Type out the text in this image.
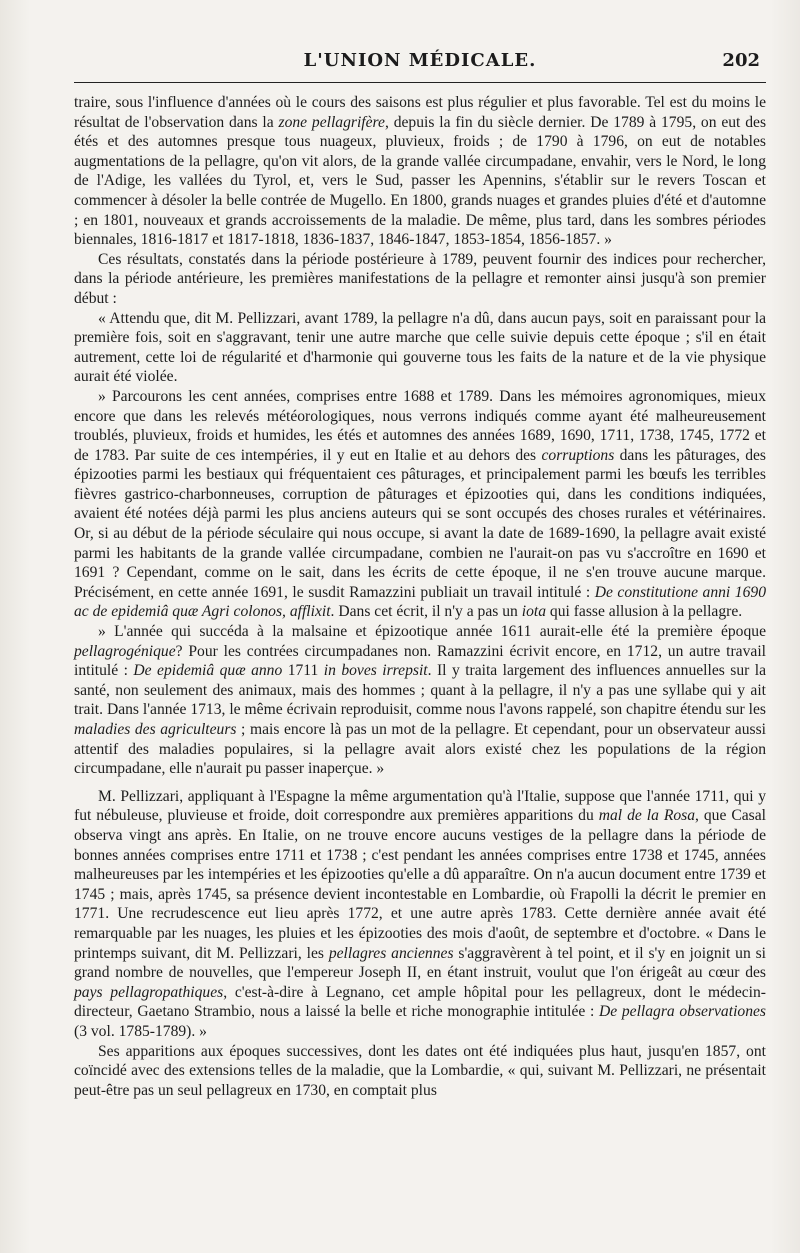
L'UNION MÉDICALE.	202

traire, sous l'influence d'années où le cours des saisons est plus régulier et plus favorable. Tel est du moins le résultat de l'observation dans la zone pellagrifère, depuis la fin du siècle dernier. De 1789 à 1795, on eut des étés et des automnes presque tous nuageux, pluvieux, froids ; de 1790 à 1796, on eut de notables augmentations de la pellagre, qu'on vit alors, de la grande vallée circumpadane, envahir, vers le Nord, le long de l'Adige, les vallées du Tyrol, et, vers le Sud, passer les Apennins, s'établir sur le revers Toscan et commencer à désoler la belle contrée de Mugello. En 1800, grands nuages et grandes pluies d'été et d'automne ; en 1801, nouveaux et grands accroissements de la maladie. De même, plus tard, dans les sombres périodes biennales, 1816-1817 et 1817-1818, 1836-1837, 1846-1847, 1853-1854, 1856-1857. »

Ces résultats, constatés dans la période postérieure à 1789, peuvent fournir des indices pour rechercher, dans la période antérieure, les premières manifestations de la pellagre et remonter ainsi jusqu'à son premier début :

« Attendu que, dit M. Pellizzari, avant 1789, la pellagre n'a dû, dans aucun pays, soit en paraissant pour la première fois, soit en s'aggravant, tenir une autre marche que celle suivie depuis cette époque ; s'il en était autrement, cette loi de régularité et d'harmonie qui gouverne tous les faits de la nature et de la vie physique aurait été violée.

» Parcourons les cent années, comprises entre 1688 et 1789. Dans les mémoires agronomiques, mieux encore que dans les relevés météorologiques, nous verrons indiqués comme ayant été malheureusement troublés, pluvieux, froids et humides, les étés et automnes des années 1689, 1690, 1711, 1738, 1745, 1772 et de 1783. Par suite de ces intempéries, il y eut en Italie et au dehors des corruptions dans les pâturages, des épizooties parmi les bestiaux qui fréquentaient ces pâturages, et principalement parmi les bœufs les terribles fièvres gastrico-charbonneuses, corruption de pâturages et épizooties qui, dans les conditions indiquées, avaient été notées déjà parmi les plus anciens auteurs qui se sont occupés des choses rurales et vétérinaires. Or, si au début de la période séculaire qui nous occupe, si avant la date de 1689-1690, la pellagre avait existé parmi les habitants de la grande vallée circumpadane, combien ne l'aurait-on pas vu s'accroître en 1690 et 1691 ? Cependant, comme on le sait, dans les écrits de cette époque, il ne s'en trouve aucune marque. Précisément, en cette année 1691, le susdit Ramazzini publiait un travail intitulé : De constitutione anni 1690 ac de epidemiâ quæ Agri colonos, afflixit. Dans cet écrit, il n'y a pas un iota qui fasse allusion à la pellagre.

» L'année qui succéda à la malsaine et épizootique année 1611 aurait-elle été la première époque pellagrogénique? Pour les contrées circumpadanes non. Ramazzini écrivit encore, en 1712, un autre travail intitulé : De epidemiâ quæ anno 1711 in boves irrepsit. Il y traita largement des influences annuelles sur la santé, non seulement des animaux, mais des hommes ; quant à la pellagre, il n'y a pas une syllabe qui y ait trait. Dans l'année 1713, le même écrivain reproduisit, comme nous l'avons rappelé, son chapitre étendu sur les maladies des agriculteurs ; mais encore là pas un mot de la pellagre. Et cependant, pour un observateur aussi attentif des maladies populaires, si la pellagre avait alors existé chez les populations de la région circumpadane, elle n'aurait pu passer inaperçue. »

M. Pellizzari, appliquant à l'Espagne la même argumentation qu'à l'Italie, suppose que l'année 1711, qui y fut nébuleuse, pluvieuse et froide, doit correspondre aux premières apparitions du mal de la Rosa, que Casal observa vingt ans après. En Italie, on ne trouve encore aucuns vestiges de la pellagre dans la période de bonnes années comprises entre 1711 et 1738 ; c'est pendant les années comprises entre 1738 et 1745, années malheureuses par les intempéries et les épizooties qu'elle a dû apparaître. On n'a aucun document entre 1739 et 1745 ; mais, après 1745, sa présence devient incontestable en Lombardie, où Frapolli la décrit le premier en 1771. Une recrudescence eut lieu après 1772, et une autre après 1783. Cette dernière année avait été remarquable par les nuages, les pluies et les épizooties des mois d'août, de septembre et d'octobre. « Dans le printemps suivant, dit M. Pellizzari, les pellagres anciennes s'aggravèrent à tel point, et il s'y en joignit un si grand nombre de nouvelles, que l'empereur Joseph II, en étant instruit, voulut que l'on érigeât au cœur des pays pellagropathiques, c'est-à-dire à Legnano, cet ample hôpital pour les pellagreux, dont le médecin-directeur, Gaetano Strambio, nous a laissé la belle et riche monographie intitulée : De pellagra observationes (3 vol. 1785-1789). »

Ses apparitions aux époques successives, dont les dates ont été indiquées plus haut, jusqu'en 1857, ont coïncidé avec des extensions telles de la maladie, que la Lombardie, « qui, suivant M. Pellizzari, ne présentait peut-être pas un seul pellagreux en 1730, en comptait plus
